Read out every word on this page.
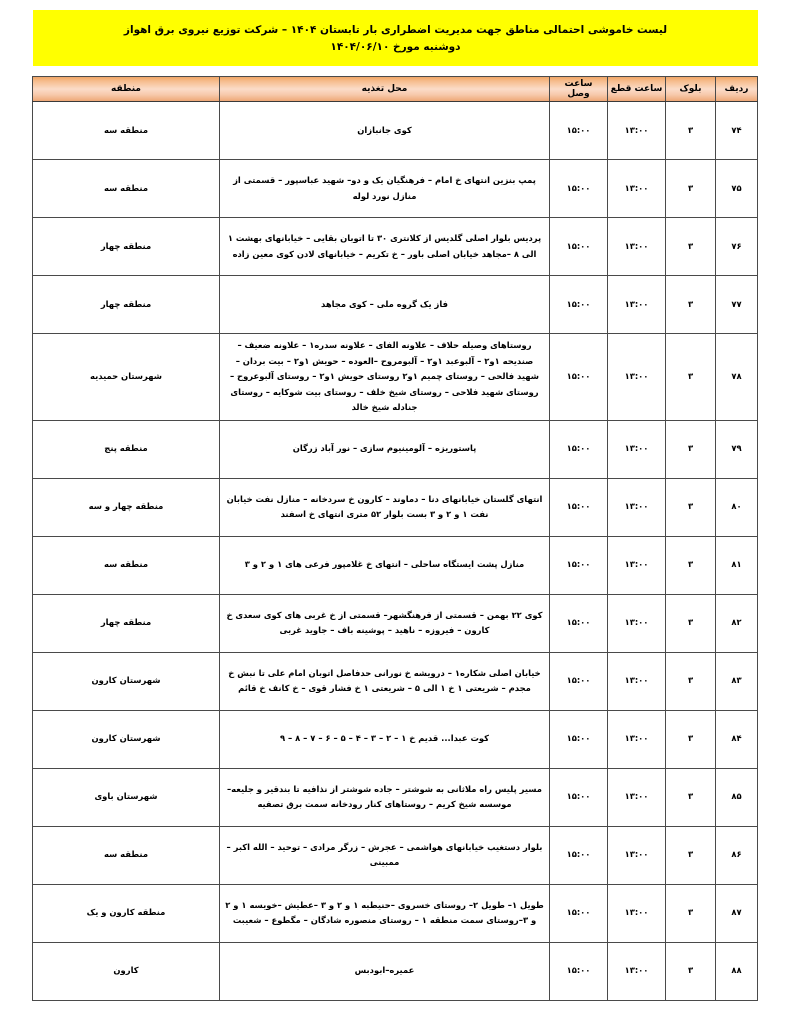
لیست خاموشی احتمالی مناطق جهت مدیریت اضطراری بار تابستان ۱۴۰۴ – شرکت توزیع نیروی برق اهواز
دوشنبه مورخ ۱۴۰۴/۰۶/۱۰
ردیف	بلوک	ساعت قطع	ساعت وصل	محل تغذیه	منطقه
۷۴	۳	۱۳:۰۰	۱۵:۰۰	کوی جانبازان	منطقه سه
۷۵	۳	۱۳:۰۰	۱۵:۰۰	پمپ بنزین انتهای خ امام – فرهنگیان یک و دو– شهید عباسپور – قسمتی از منازل نورد لوله	منطقه سه
۷۶	۳	۱۳:۰۰	۱۵:۰۰	پردیس بلوار اصلی گلدیس از کلانتری ۳۰ تا اتوبان بقایی – خیابانهای بهشت ۱ الی ۸ –مجاهد خیابان اصلی باور – خ تکریم – خیابانهای لادن کوی معین زاده	منطقه چهار
۷۷	۳	۱۳:۰۰	۱۵:۰۰	فاز یک گروه ملی – کوی مجاهد	منطقه چهار
۷۸	۳	۱۳:۰۰	۱۵:۰۰	روستاهای وصیله حلاف – علاونه الفای – علاونه سدره۱ – علاونه ضعیف – صندیحه ۱و۲ – آلبوعبد ۱و۲ – آلبومروح –العوده – حویش ۱و۲ – بیت بردان – شهید فالحی – روستای چمیم ۱و۲ روستای حویش ۱و۲ – روستای آلبوعروح – روستای شهید فلاحی – روستای شیخ خلف – روستای بیت شوکایه – روستای جنادله شیخ خالد	شهرستان حمیدیه
۷۹	۳	۱۳:۰۰	۱۵:۰۰	پاستوریزه – آلومینیوم سازی – نور آباد زرگان	منطقه پنج
۸۰	۳	۱۳:۰۰	۱۵:۰۰	انتهای گلستان خیابانهای دنا – دماوند – کارون خ سردخانه – منازل نفت خیابان نفت ۱ و ۲ و ۳ بست بلوار ۵۲ متری انتهای خ اسفند	منطقه چهار و سه
۸۱	۳	۱۳:۰۰	۱۵:۰۰	منازل پشت ایستگاه ساحلی – انتهای خ غلامپور فرعی های ۱ و ۲ و ۳	منطقه سه
۸۲	۳	۱۳:۰۰	۱۵:۰۰	کوی ۲۲ بهمن – قسمتی از فرهنگشهر– قسمتی از خ غربی های کوی سعدی خ کارون – فیروزه – ناهید – پوشینه باف – جاوید غربی	منطقه چهار
۸۳	۳	۱۳:۰۰	۱۵:۰۰	خیابان اصلی شکاره۱ – درویشه خ نورانی حدفاصل اتوبان امام علی تا نبش خ مجدم – شریعتی ۱ خ ۱ الی ۵ – شریعتی ۱ خ فشار قوی – خ کانف خ قائم	شهرستان کارون
۸۴	۳	۱۳:۰۰	۱۵:۰۰	کوت عبدا... قدیم خ ۱ – ۲ – ۳ – ۴ – ۵ – ۶ – ۷ – ۸ – ۹	شهرستان کارون
۸۵	۳	۱۳:۰۰	۱۵:۰۰	مسیر پلیس راه ملاثانی به شوشتر – جاده شوشتر از نذافیه تا بندقیر و جلیعه– موسسه شیخ کریم – روستاهای کنار رودخانه سمت برق تصفیه	شهرستان باوی
۸۶	۳	۱۳:۰۰	۱۵:۰۰	بلوار دستغیب خیابانهای هواشمی – عجرش – زرگر مرادی – توحید – الله اکبر – ممبینی	منطقه سه
۸۷	۳	۱۳:۰۰	۱۵:۰۰	طویل ۱– طویل ۲– روستای خسروی –حنیطبه ۱ و ۲ و ۳ –عطیش –خویسه ۱ و ۲ و ۳–روستای سمت منطقه ۱ – روستای منصوره شادگان – مگطوع – شعیبت	منطقه کارون و یک
۸۸	۳	۱۳:۰۰	۱۵:۰۰	عمیره–ابودبس	کارون
